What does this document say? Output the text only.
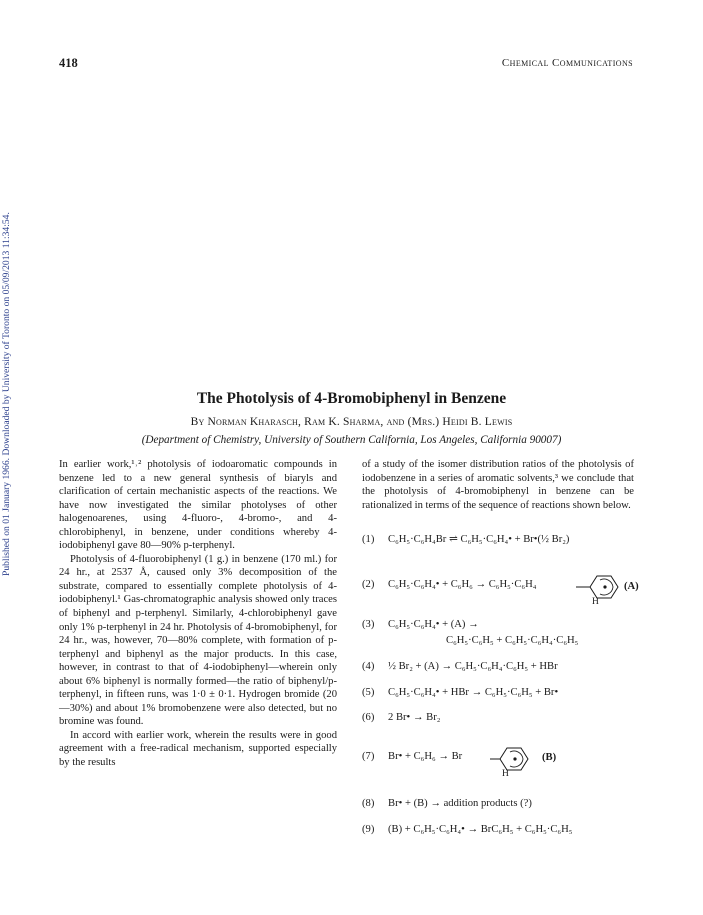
418	Chemical Communications
Published on 01 January 1966. Downloaded by University of Toronto on 05/09/2013 11:34:54.	The Photolysis of 4-Bromobiphenyl in Benzene
By Norman Kharasch, Ram K. Sharma, and (Mrs.) Heidi B. Lewis
(Department of Chemistry, University of Southern California, Los Angeles, California 90007)

In earlier work,¹˒² photolysis of iodoaromatic compounds in benzene led to a new general synthesis of biaryls and clarification of certain mechanistic aspects of the reactions. We have now investigated the similar photolyses of other halogenoarenes, using 4-fluoro-, 4-bromo-, and 4-chlorobiphenyl, in benzene, under conditions whereby 4-iodobiphenyl gave 80—90% p-terphenyl.

Photolysis of 4-fluorobiphenyl (1 g.) in benzene (170 ml.) for 24 hr., at 2537 Å, caused only 3% decomposition of the substrate, compared to essentially complete photolysis of 4-iodobiphenyl.¹ Gas-chromatographic analysis showed only traces of biphenyl and p-terphenyl. Similarly, 4-chlorobiphenyl gave only 1% p-terphenyl in 24 hr. Photolysis of 4-bromobiphenyl, for 24 hr., was, however, 70—80% complete, with formation of p-terphenyl and biphenyl as the major products. In this case, however, in contrast to that of 4-iodobiphenyl—wherein only about 6% biphenyl is normally formed—the ratio of biphenyl/p-terphenyl, in fifteen runs, was 1·0 ± 0·1. Hydrogen bromide (20—30%) and about 1% bromobenzene were also detected, but no bromine was found.

In accord with earlier work, wherein the results were in good agreement with a free-radical mechanism, supported especially by the results

of a study of the isomer distribution ratios of the photolysis of iodobenzene in a series of aromatic solvents,³ we conclude that the photolysis of 4-bromobiphenyl in benzene can be rationalized in terms of the sequence of reactions shown below.

(1) C₆H₅·C₆H₄Br ⇌ C₆H₅·C₆H₄• + Br•(½ Br₂)
(2) C₆H₅·C₆H₄• + C₆H₆ → C₆H₅·C₆H₄
H
(A)
(3) C₆H₅·C₆H₄• + (A) →
C₆H₅·C₆H₅ + C₆H₅·C₆H₄·C₆H₅
(4) ½ Br₂ + (A) → C₆H₅·C₆H₄·C₆H₅ + HBr
(5) C₆H₅·C₆H₄• + HBr → C₆H₅·C₆H₅ + Br•
(6) 2 Br• → Br₂
(7) Br• + C₆H₆ → Br
H
(B)
(8) Br• + (B) → addition products (?)
(9) (B) + C₆H₅·C₆H₄• → BrC₆H₅ + C₆H₅·C₆H₅
